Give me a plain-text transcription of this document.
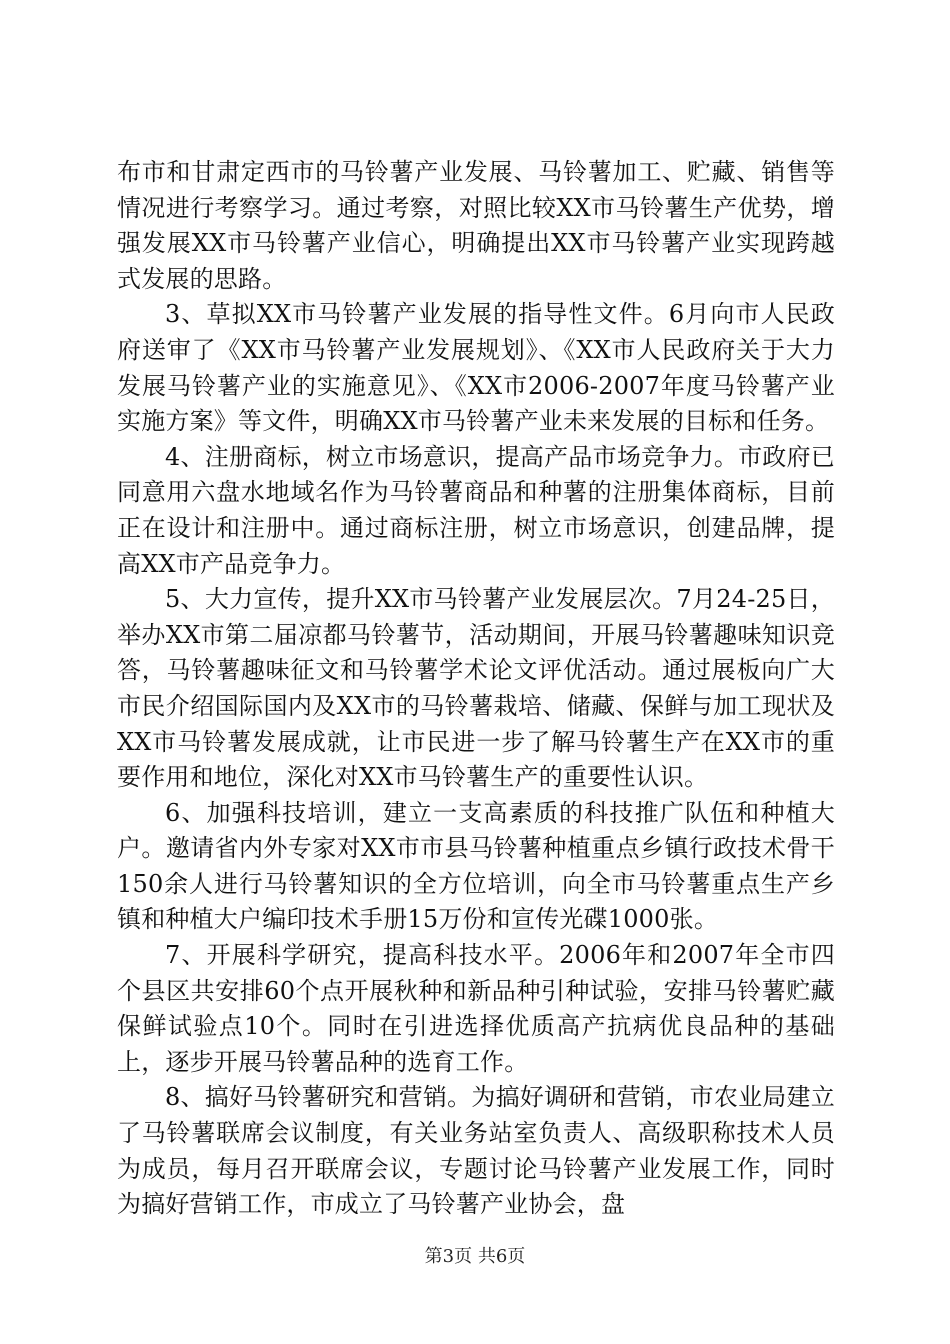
布市和甘肃定西市的马铃薯产业发展、马铃薯加工、贮藏、销售等情况进行考察学习。通过考察，对照比较XX市马铃薯生产优势，增强发展XX市马铃薯产业信心，明确提出XX市马铃薯产业实现跨越式发展的思路。

3、草拟XX市马铃薯产业发展的指导性文件。6月向市人民政府送审了《XX市马铃薯产业发展规划》、《XX市人民政府关于大力发展马铃薯产业的实施意见》、《XX市2006-2007年度马铃薯产业实施方案》等文件，明确XX市马铃薯产业未来发展的目标和任务。

4、注册商标，树立市场意识，提高产品市场竞争力。市政府已同意用六盘水地域名作为马铃薯商品和种薯的注册集体商标，目前正在设计和注册中。通过商标注册，树立市场意识，创建品牌，提高XX市产品竞争力。

5、大力宣传，提升XX市马铃薯产业发展层次。7月24-25日，举办XX市第二届凉都马铃薯节，活动期间，开展马铃薯趣味知识竞答，马铃薯趣味征文和马铃薯学术论文评优活动。通过展板向广大市民介绍国际国内及XX市的马铃薯栽培、储藏、保鲜与加工现状及XX市马铃薯发展成就，让市民进一步了解马铃薯生产在XX市的重要作用和地位，深化对XX市马铃薯生产的重要性认识。

6、加强科技培训，建立一支高素质的科技推广队伍和种植大户。邀请省内外专家对XX市市县马铃薯种植重点乡镇行政技术骨干150余人进行马铃薯知识的全方位培训，向全市马铃薯重点生产乡镇和种植大户编印技术手册15万份和宣传光碟1000张。

7、开展科学研究，提高科技水平。2006年和2007年全市四个县区共安排60个点开展秋种和新品种引种试验，安排马铃薯贮藏保鲜试验点10个。同时在引进选择优质高产抗病优良品种的基础上，逐步开展马铃薯品种的选育工作。

8、搞好马铃薯研究和营销。为搞好调研和营销，市农业局建立了马铃薯联席会议制度，有关业务站室负责人、高级职称技术人员为成员，每月召开联席会议，专题讨论马铃薯产业发展工作，同时为搞好营销工作，市成立了马铃薯产业协会，盘

第3页 共6页
